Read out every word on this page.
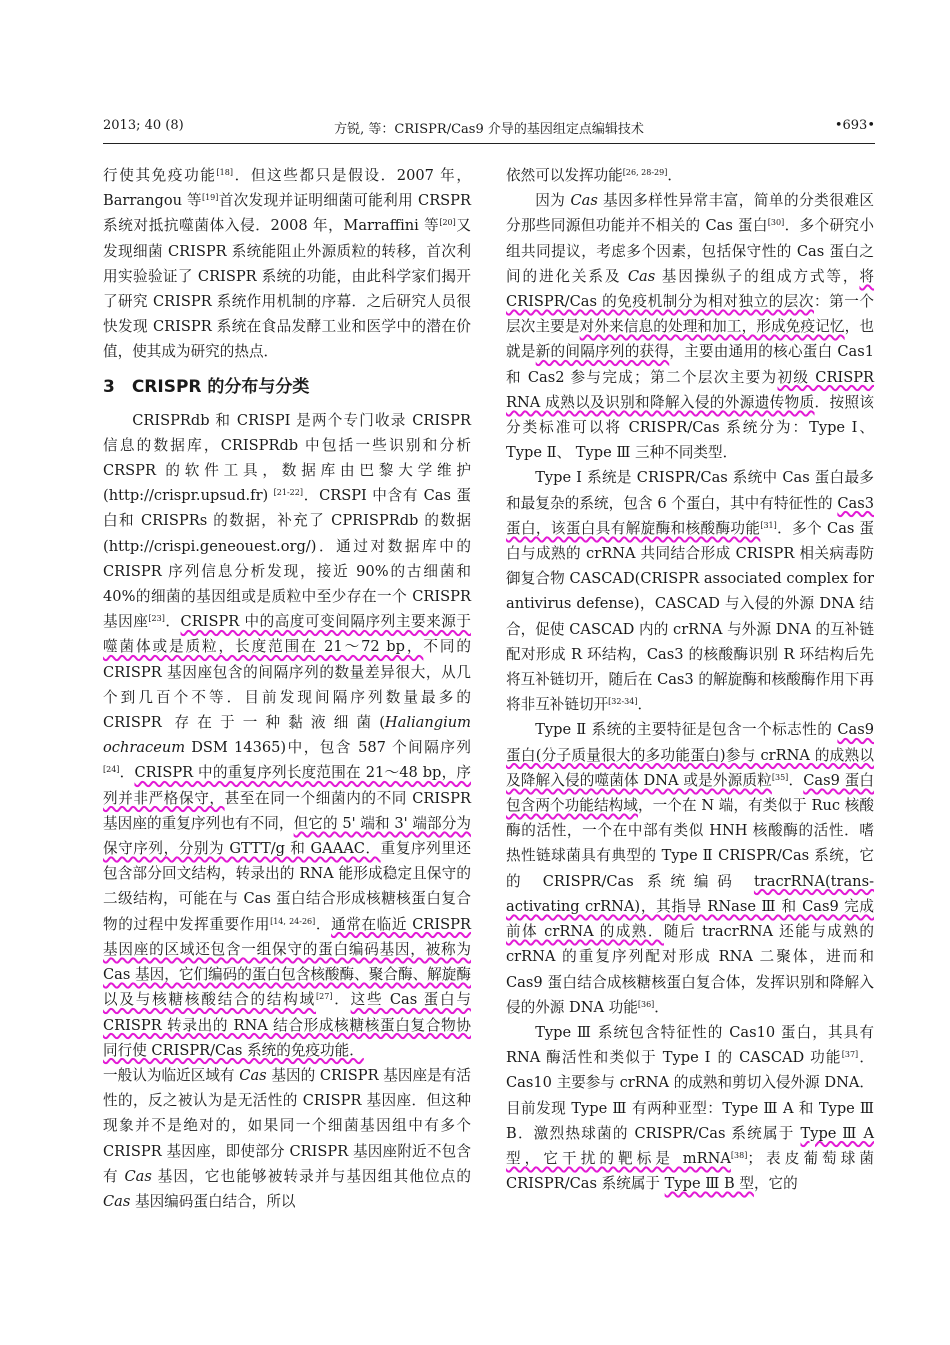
2013; 40 (8)	方锐, 等：CRISPR/Cas9 介导的基因组定点编辑技术	•693•

行使其免疫功能[18]．但这些都只是假设．2007 年，Barrangou 等[19]首次发现并证明细菌可能利用 CRSPR 系统对抵抗噬菌体入侵．2008 年，Marraffini 等[20]又发现细菌 CRISPR 系统能阻止外源质粒的转移，首次利用实验验证了 CRISPR 系统的功能，由此科学家们揭开了研究 CRISPR 系统作用机制的序幕．之后研究人员很快发现 CRISPR 系统在食品发酵工业和医学中的潜在价值，使其成为研究的热点．

3　CRISPR 的分布与分类

CRISPRdb 和 CRISPI 是两个专门收录 CRISPR 信息的数据库，CRISPRdb 中包括一些识别和分析 CRSPR 的软件工具，数据库由巴黎大学维护(http://crispr.upsud.fr) [21-22]．CRSPI 中含有 Cas 蛋白和 CRISPRs 的数据，补充了 CPRISPRdb 的数据(http://crispi.geneouest.org/)．通过对数据库中的 CRISPR 序列信息分析发现，接近 90%的古细菌和 40%的细菌的基因组或是质粒中至少存在一个 CRISPR 基因座[23]．CRISPR 中的高度可变间隔序列主要来源于噬菌体或是质粒，长度范围在 21～72 bp，不同的 CRISPR 基因座包含的间隔序列的数量差异很大，从几个到几百个不等．目前发现间隔序列数量最多的 CRISPR 存在于一种黏液细菌(Haliangium ochraceum DSM 14365)中，包含 587 个间隔序列[24]．CRISPR 中的重复序列长度范围在 21～48 bp，序列并非严格保守，甚至在同一个细菌内的不同 CRISPR 基因座的重复序列也有不同，但它的 5' 端和 3' 端部分为保守序列，分别为 GTTT/g 和 GAAAC．重复序列里还包含部分回文结构，转录出的 RNA 能形成稳定且保守的二级结构，可能在与 Cas 蛋白结合形成核糖核蛋白复合物的过程中发挥重要作用[14, 24-26]．通常在临近 CRISPR 基因座的区域还包含一组保守的蛋白编码基因，被称为 Cas 基因，它们编码的蛋白包含核酸酶、聚合酶、解旋酶以及与核糖核酸结合的结构域[27]．这些 Cas 蛋白与 CRISPR 转录出的 RNA 结合形成核糖核蛋白复合物协同行使 CRISPR/Cas 系统的免疫功能．

一般认为临近区域有 Cas 基因的 CRISPR 基因座是有活性的，反之被认为是无活性的 CRISPR 基因座．但这种现象并不是绝对的，如果同一个细菌基因组中有多个 CRISPR 基因座，即使部分 CRISPR 基因座附近不包含有 Cas 基因，它也能够被转录并与基因组其他位点的 Cas 基因编码蛋白结合，所以

依然可以发挥功能[26, 28-29]．

因为 Cas 基因多样性异常丰富，简单的分类很难区分那些同源但功能并不相关的 Cas 蛋白[30]．多个研究小组共同提议，考虑多个因素，包括保守性的 Cas 蛋白之间的进化关系及 Cas 基因操纵子的组成方式等，将 CRISPR/Cas 的免疫机制分为相对独立的层次：第一个层次主要是对外来信息的处理和加工，形成免疫记忆，也就是新的间隔序列的获得，主要由通用的核心蛋白 Cas1 和 Cas2 参与完成；第二个层次主要为初级 CRISPR RNA 成熟以及识别和降解入侵的外源遗传物质．按照该分类标准可以将 CRISPR/Cas 系统分为：Type Ⅰ、Type Ⅱ、 Type Ⅲ 三种不同类型．

Type Ⅰ 系统是 CRISPR/Cas 系统中 Cas 蛋白最多和最复杂的系统，包含 6 个蛋白，其中有特征性的 Cas3 蛋白，该蛋白具有解旋酶和核酸酶功能[31]．多个 Cas 蛋白与成熟的 crRNA 共同结合形成 CRISPR 相关病毒防御复合物 CASCAD(CRISPR associated complex for antivirus defense)，CASCAD 与入侵的外源 DNA 结合，促使 CASCAD 内的 crRNA 与外源 DNA 的互补链配对形成 R 环结构，Cas3 的核酸酶识别 R 环结构后先将互补链切开，随后在 Cas3 的解旋酶和核酸酶作用下再将非互补链切开[32-34]．

Type Ⅱ 系统的主要特征是包含一个标志性的 Cas9 蛋白(分子质量很大的多功能蛋白)参与 crRNA 的成熟以及降解入侵的噬菌体 DNA 或是外源质粒[35]．Cas9 蛋白包含两个功能结构域，一个在 N 端，有类似于 Ruc 核酸酶的活性，一个在中部有类似 HNH 核酸酶的活性．嗜热性链球菌具有典型的 Type Ⅱ CRISPR/Cas 系统，它的 CRISPR/Cas 系统编码 tracrRNA(trans-activating crRNA)，其指导 RNase Ⅲ 和 Cas9 完成前体 crRNA 的成熟．随后 tracrRNA 还能与成熟的 crRNA 的重复序列配对形成 RNA 二聚体，进而和 Cas9 蛋白结合成核糖核蛋白复合体，发挥识别和降解入侵的外源 DNA 功能[36]．

Type Ⅲ 系统包含特征性的 Cas10 蛋白，其具有 RNA 酶活性和类似于 Type Ⅰ 的 CASCAD 功能[37]．Cas10 主要参与 crRNA 的成熟和剪切入侵外源 DNA．目前发现 Type Ⅲ 有两种亚型：Type Ⅲ A 和 Type Ⅲ B．激烈热球菌的 CRISPR/Cas 系统属于 Type Ⅲ A 型，它干扰的靶标是 mRNA[38]；表皮葡萄球菌 CRISPR/Cas 系统属于 Type Ⅲ B 型，它的
